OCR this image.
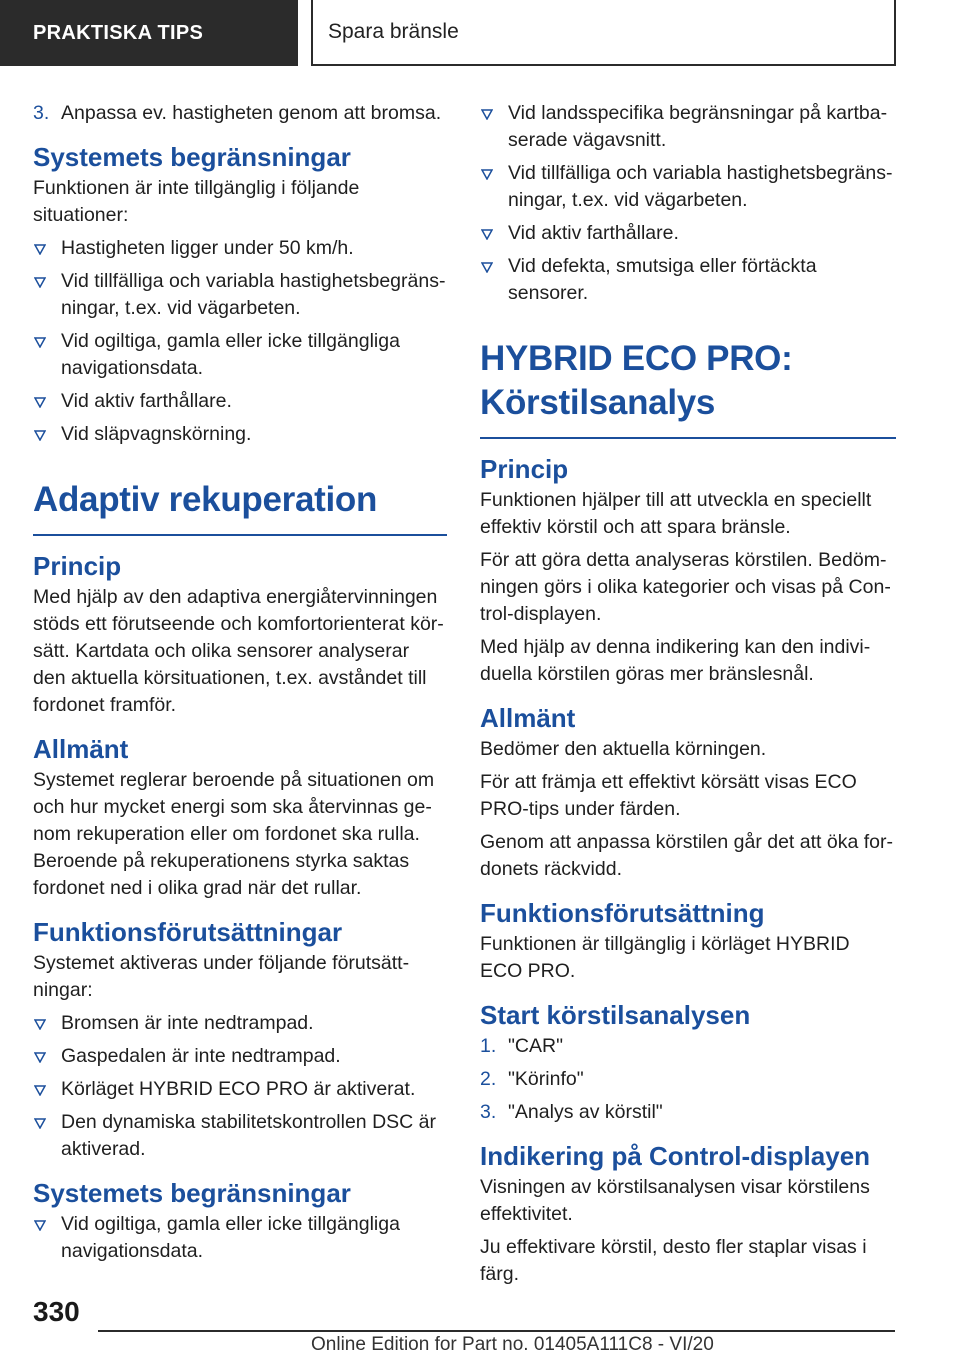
PRAKTISKA TIPS	Spara bränsle
3. Anpassa ev. hastigheten genom att bromsa.
Systemets begränsningar

Funktionen är inte tillgänglig i följande situationer:

Hastigheten ligger under 50 km/h.
Vid tillfälliga och variabla hastighetsbegränsningar, t.ex. vid vägarbeten.
Vid ogiltiga, gamla eller icke tillgängliga navigationsdata.
Vid aktiv farthållare.
Vid släpvagnskörning.
Adaptiv rekuperation
Princip

Med hjälp av den adaptiva energiåtervinningen stöds ett förutseende och komfortorienterat körsätt. Kartdata och olika sensorer analyserar den aktuella körsituationen, t.ex. avståndet till fordonet framför.

Allmänt

Systemet reglerar beroende på situationen om och hur mycket energi som ska återvinnas genom rekuperation eller om fordonet ska rulla. Beroende på rekuperationens styrka saktas fordonet ned i olika grad när det rullar.

Funktionsförutsättningar

Systemet aktiveras under följande förutsättningar:

Bromsen är inte nedtrampad.
Gaspedalen är inte nedtrampad.
Körläget HYBRID ECO PRO är aktiverat.
Den dynamiska stabilitetskontrollen DSC är aktiverad.
Systemets begränsningar
Vid ogiltiga, gamla eller icke tillgängliga navigationsdata.
Vid landsspecifika begränsningar på kartbaserade vägavsnitt.
Vid tillfälliga och variabla hastighetsbegränsningar, t.ex. vid vägarbeten.
Vid aktiv farthållare.
Vid defekta, smutsiga eller förtäckta sensorer.
HYBRID ECO PRO: Körstilsanalys
Princip

Funktionen hjälper till att utveckla en speciellt effektiv körstil och att spara bränsle.

För att göra detta analyseras körstilen. Bedömningen görs i olika kategorier och visas på Control-displayen.

Med hjälp av denna indikering kan den individuella körstilen göras mer bränslesnål.

Allmänt

Bedömer den aktuella körningen.

För att främja ett effektivt körsätt visas ECO PRO-tips under färden.

Genom att anpassa körstilen går det att öka fordonets räckvidd.

Funktionsförutsättning

Funktionen är tillgänglig i körläget HYBRID ECO PRO.

Start körstilsanalysen
1. "CAR"
2. "Körinfo"
3. "Analys av körstil"
Indikering på Control-displayen

Visningen av körstilsanalysen visar körstilens effektivitet.

Ju effektivare körstil, desto fler staplar visas i färg.

330
Online Edition for Part no. 01405A111C8 - VI/20
